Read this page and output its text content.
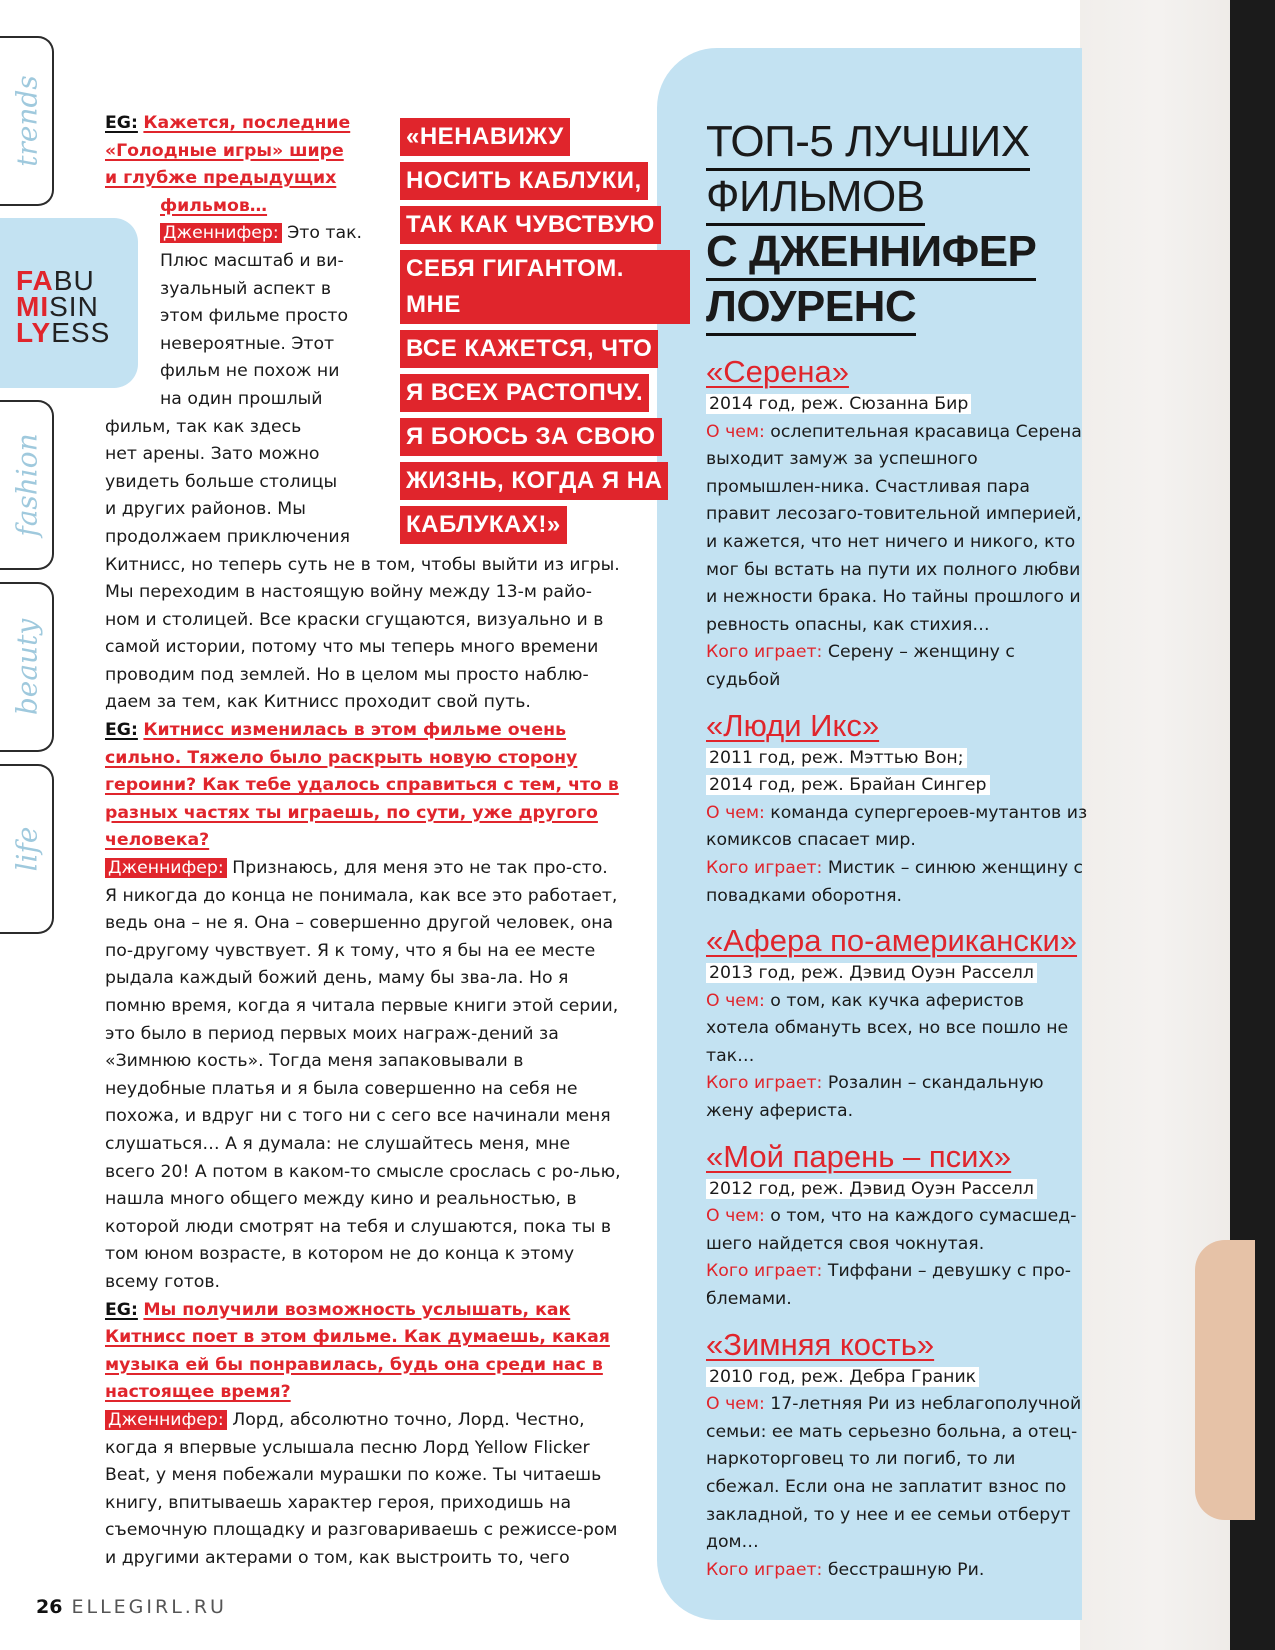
trends
fashion
beauty
life
FABU
MISIN
LYESS

EG: Кажется, последние

«Голодные игры» шире

и глубже предыдущих

фильмов…

Дженнифер: Это так.

Плюс масштаб и ви-

зуальный аспект в

этом фильме просто

невероятные. Этот

фильм не похож ни

на один прошлый

фильм, так как здесь

нет арены. Зато можно

увидеть больше столицы

и других районов. Мы

продолжаем приключения

Китнисс, но теперь суть не в том, чтобы выйти из игры. Мы переходим в настоящую войну между 13-м райо-ном и столицей. Все краски сгущаются, визуально и в самой истории, потому что мы теперь много времени проводим под землей. Но в целом мы просто наблю-даем за тем, как Китнисс проходит свой путь.

EG: Китнисс изменилась в этом фильме очень сильно. Тяжело было раскрыть новую сторону героини? Как тебе удалось справиться с тем, что в разных частях ты играешь, по сути, уже другого человека?

Дженнифер: Признаюсь, для меня это не так про-сто. Я никогда до конца не понимала, как все это работает, ведь она – не я. Она – совершенно другой человек, она по-другому чувствует. Я к тому, что я бы на ее месте рыдала каждый божий день, маму бы зва-ла. Но я помню время, когда я читала первые книги этой серии, это было в период первых моих награж-дений за «Зимнюю кость». Тогда меня запаковывали в неудобные платья и я была совершенно на себя не похожа, и вдруг ни с того ни с сего все начинали меня слушаться… А я думала: не слушайтесь меня, мне всего 20! А потом в каком-то смысле срослась с ро-лью, нашла много общего между кино и реальностью, в которой люди смотрят на тебя и слушаются, пока ты в том юном возрасте, в котором не до конца к этому всему готов.

EG: Мы получили возможность услышать, как Китнисс поет в этом фильме. Как думаешь, какая музыка ей бы понравилась, будь она среди нас в настоящее время?

Дженнифер: Лорд, абсолютно точно, Лорд. Честно, когда я впервые услышала песню Лорд Yellow Flicker Beat, у меня побежали мурашки по коже. Ты читаешь книгу, впитываешь характер героя, приходишь на съемочную площадку и разговариваешь с режиссе-ром и другими актерами о том, как выстроить то, чего

«НЕНАВИЖУ
НОСИТЬ КАБЛУКИ,
ТАК КАК ЧУВСТВУЮ
СЕБЯ ГИГАНТОМ. МНЕ
ВСЕ КАЖЕТСЯ, ЧТО
Я ВСЕХ РАСТОПЧУ.
Я БОЮСЬ ЗА СВОЮ
ЖИЗНЬ, КОГДА Я НА
КАБЛУКАХ!»
ТОП-5 ЛУЧШИХ
ФИЛЬМОВ
С ДЖЕННИФЕР
ЛОУРЕНС
«Серена»
2014 год, реж. Сюзанна Бир
О чем: ослепительная красавица Серена выходит замуж за успешного промышлен-ника. Счастливая пара правит лесозаго-товительной империей, и кажется, что нет ничего и никого, кто мог бы встать на пути их полного любви и нежности брака. Но тайны прошлого и ревность опасны, как стихия…
Кого играет: Серену – женщину с судьбой
«Люди Икс»
2011 год, реж. Мэттью Вон;
2014 год, реж. Брайан Сингер
О чем: команда супергероев-мутантов из комиксов спасает мир.
Кого играет: Мистик – синюю женщину с повадками оборотня.
«Афера по-американски»
2013 год, реж. Дэвид Оуэн Расселл
О чем: о том, как кучка аферистов хотела обмануть всех, но все пошло не так…
Кого играет: Розалин – скандальную жену афериста.
«Мой парень – псих»
2012 год, реж. Дэвид Оуэн Расселл
О чем: о том, что на каждого сумасшед-шего найдется своя чокнутая.
Кого играет: Тиффани – девушку с про-блемами.
«Зимняя кость»
2010 год, реж. Дебра Граник
О чем: 17-летняя Ри из неблагополучной семьи: ее мать серьезно больна, а отец-наркоторговец то ли погиб, то ли сбежал. Если она не заплатит взнос по закладной, то у нее и ее семьи отберут дом…
Кого играет: бесстрашную Ри.
26 ELLEGIRL.RU
